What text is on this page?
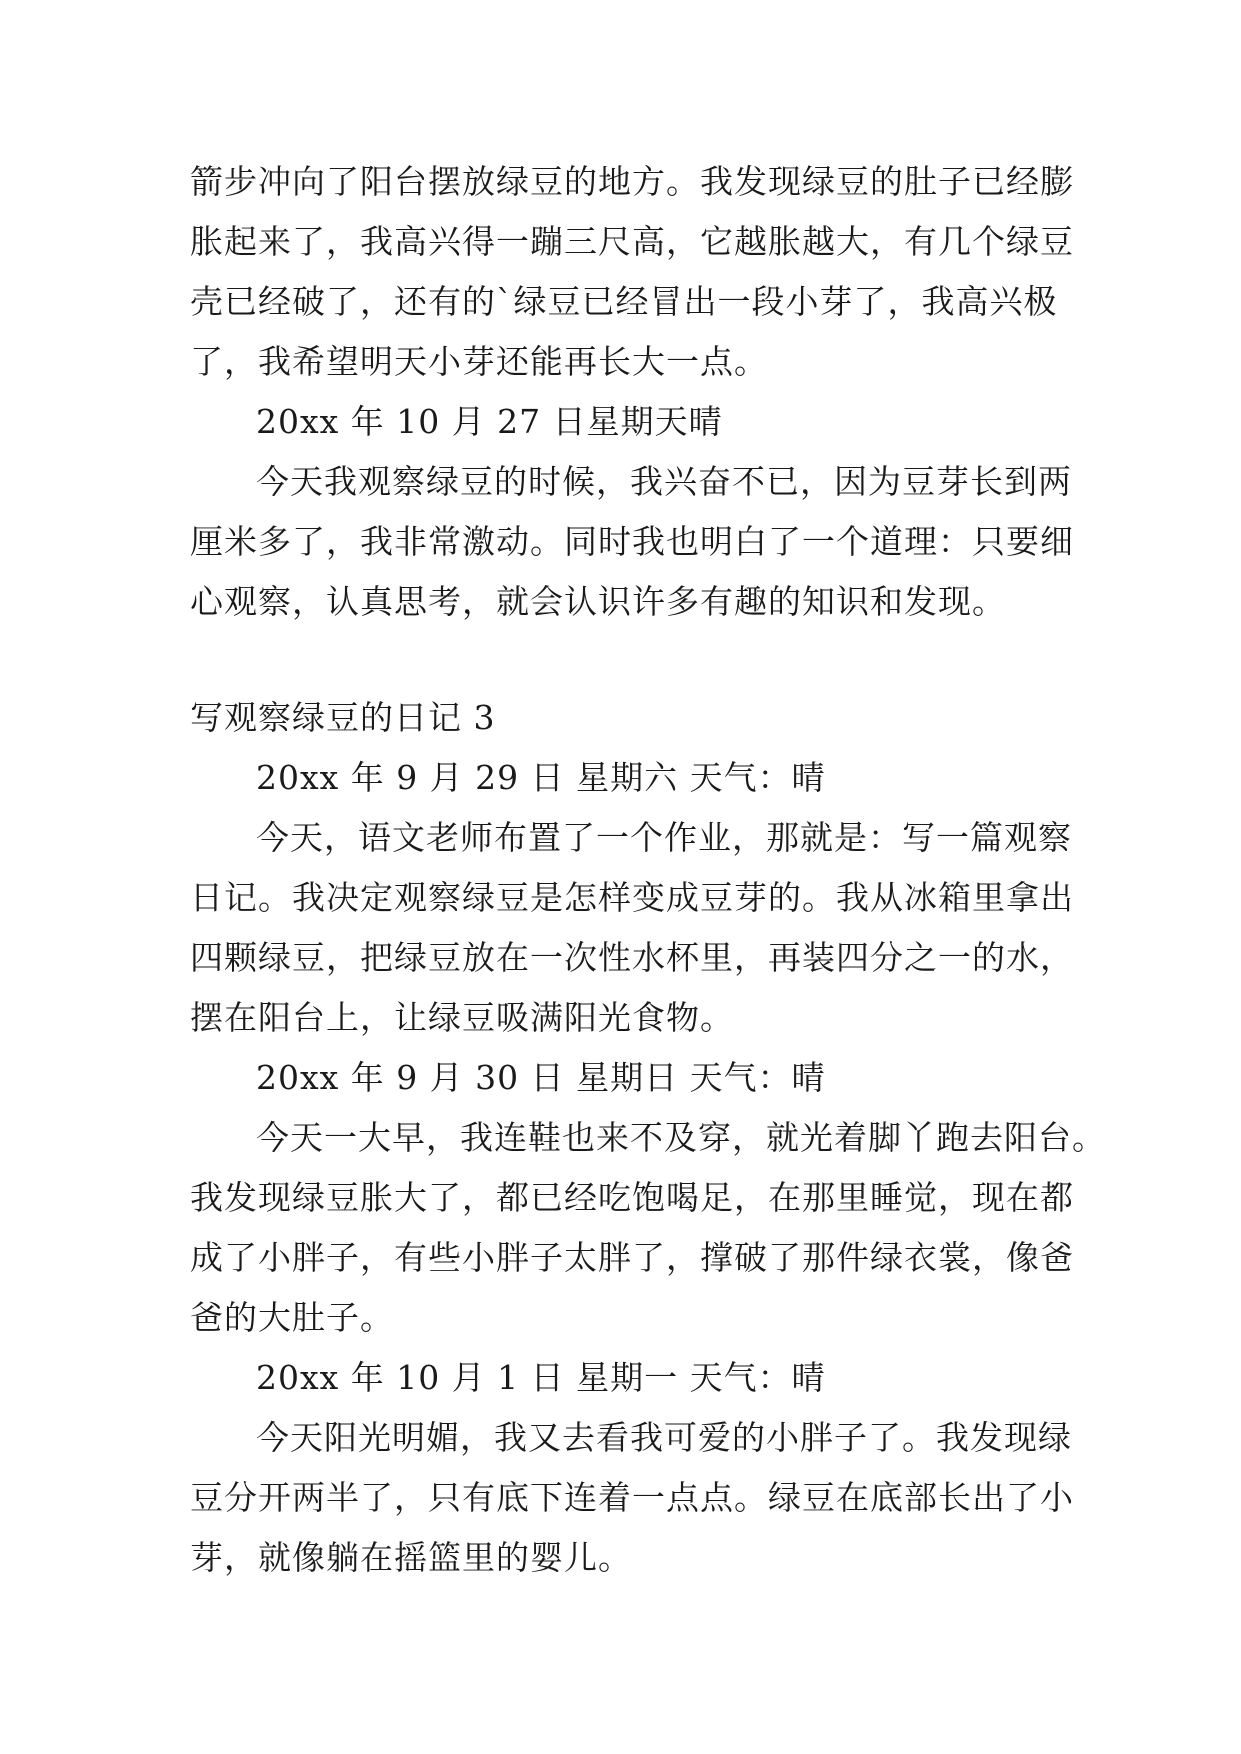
箭步冲向了阳台摆放绿豆的地方。我发现绿豆的肚子已经膨
胀起来了，我高兴得一蹦三尺高，它越胀越大，有几个绿豆
壳已经破了，还有的`绿豆已经冒出一段小芽了，我高兴极
了，我希望明天小芽还能再长大一点。
20xx 年 10 月 27 日星期天晴
今天我观察绿豆的时候，我兴奋不已，因为豆芽长到两
厘米多了，我非常激动。同时我也明白了一个道理：只要细
心观察，认真思考，就会认识许多有趣的知识和发现。
写观察绿豆的日记 3
20xx 年 9 月 29 日 星期六 天气：晴
今天，语文老师布置了一个作业，那就是：写一篇观察
日记。我决定观察绿豆是怎样变成豆芽的。我从冰箱里拿出
四颗绿豆，把绿豆放在一次性水杯里，再装四分之一的水，
摆在阳台上，让绿豆吸满阳光食物。
20xx 年 9 月 30 日 星期日 天气：晴
今天一大早，我连鞋也来不及穿，就光着脚丫跑去阳台。
我发现绿豆胀大了，都已经吃饱喝足，在那里睡觉，现在都
成了小胖子，有些小胖子太胖了，撑破了那件绿衣裳，像爸
爸的大肚子。
20xx 年 10 月 1 日 星期一 天气：晴
今天阳光明媚，我又去看我可爱的小胖子了。我发现绿
豆分开两半了，只有底下连着一点点。绿豆在底部长出了小
芽，就像躺在摇篮里的婴儿。
